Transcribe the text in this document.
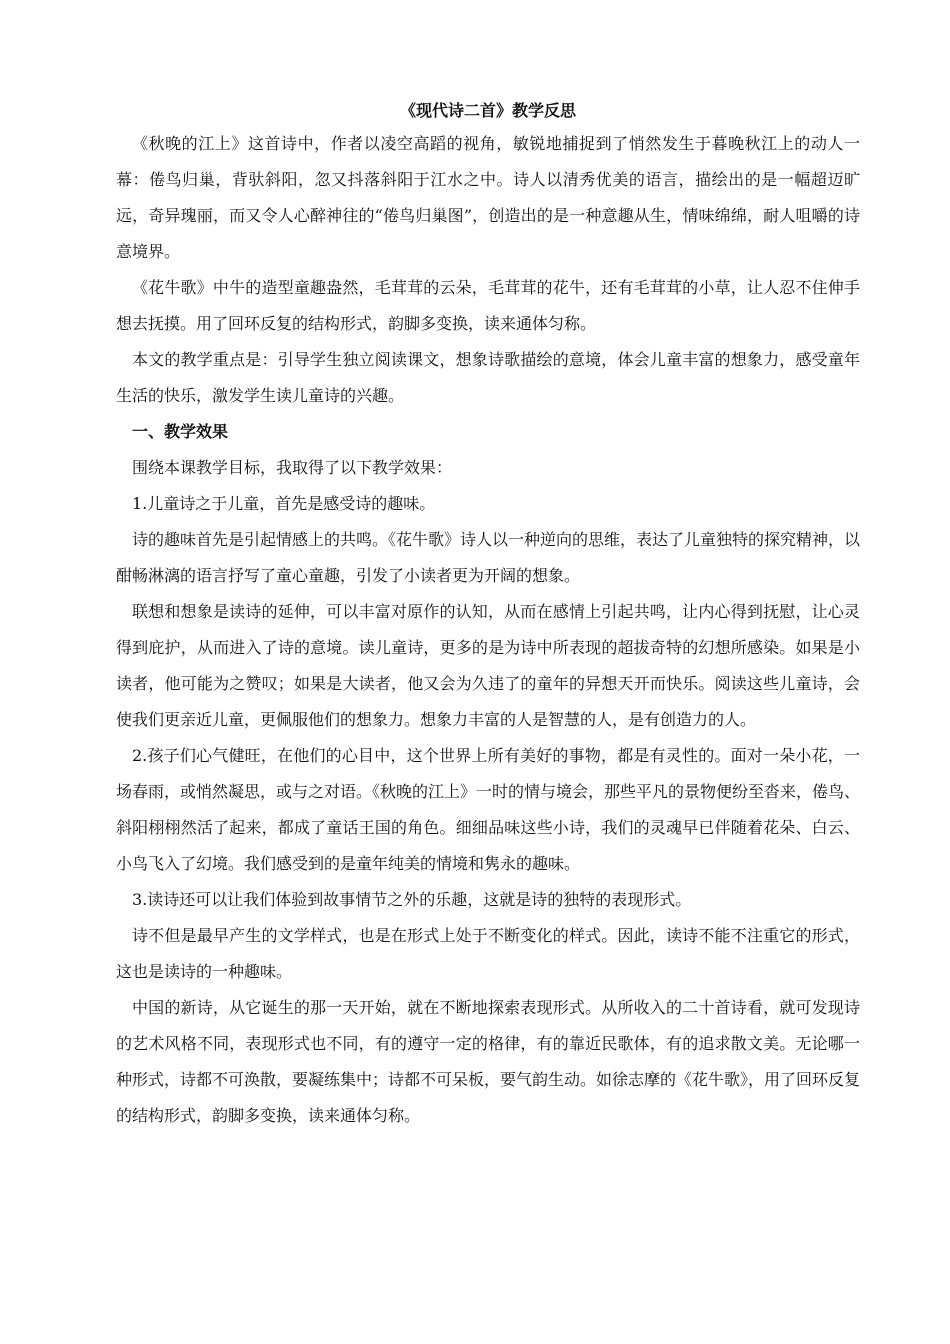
《现代诗二首》教学反思

《秋晚的江上》这首诗中，作者以凌空高蹈的视角，敏锐地捕捉到了悄然发生于暮晚秋江上的动人一幕：倦鸟归巢，背驮斜阳，忽又抖落斜阳于江水之中。诗人以清秀优美的语言，描绘出的是一幅超迈旷远，奇异瑰丽，而又令人心醉神往的“倦鸟归巢图”，创造出的是一种意趣从生，情味绵绵，耐人咀嚼的诗意境界。

《花牛歌》中牛的造型童趣盎然，毛茸茸的云朵，毛茸茸的花牛，还有毛茸茸的小草，让人忍不住伸手想去抚摸。用了回环反复的结构形式，韵脚多变换，读来通体匀称。

本文的教学重点是：引导学生独立阅读课文，想象诗歌描绘的意境，体会儿童丰富的想象力，感受童年生活的快乐，激发学生读儿童诗的兴趣。

一、教学效果

围绕本课教学目标，我取得了以下教学效果：

1.儿童诗之于儿童，首先是感受诗的趣味。

诗的趣味首先是引起情感上的共鸣。《花牛歌》诗人以一种逆向的思维，表达了儿童独特的探究精神，以酣畅淋漓的语言抒写了童心童趣，引发了小读者更为开阔的想象。

联想和想象是读诗的延伸，可以丰富对原作的认知，从而在感情上引起共鸣，让内心得到抚慰，让心灵得到庇护，从而进入了诗的意境。读儿童诗，更多的是为诗中所表现的超拔奇特的幻想所感染。如果是小读者，他可能为之赞叹；如果是大读者，他又会为久违了的童年的异想天开而快乐。阅读这些儿童诗，会使我们更亲近儿童，更佩服他们的想象力。想象力丰富的人是智慧的人，是有创造力的人。

2.孩子们心气健旺，在他们的心目中，这个世界上所有美好的事物，都是有灵性的。面对一朵小花，一场春雨，或悄然凝思，或与之对语。《秋晚的江上》一时的情与境会，那些平凡的景物便纷至沓来，倦鸟、斜阳栩栩然活了起来，都成了童话王国的角色。细细品味这些小诗，我们的灵魂早已伴随着花朵、白云、小鸟飞入了幻境。我们感受到的是童年纯美的情境和隽永的趣味。

3.读诗还可以让我们体验到故事情节之外的乐趣，这就是诗的独特的表现形式。

诗不但是最早产生的文学样式，也是在形式上处于不断变化的样式。因此，读诗不能不注重它的形式，这也是读诗的一种趣味。

中国的新诗，从它诞生的那一天开始，就在不断地探索表现形式。从所收入的二十首诗看，就可发现诗的艺术风格不同，表现形式也不同，有的遵守一定的格律，有的靠近民歌体，有的追求散文美。无论哪一种形式，诗都不可涣散，要凝练集中；诗都不可呆板，要气韵生动。如徐志摩的《花牛歌》，用了回环反复的结构形式，韵脚多变换，读来通体匀称。
